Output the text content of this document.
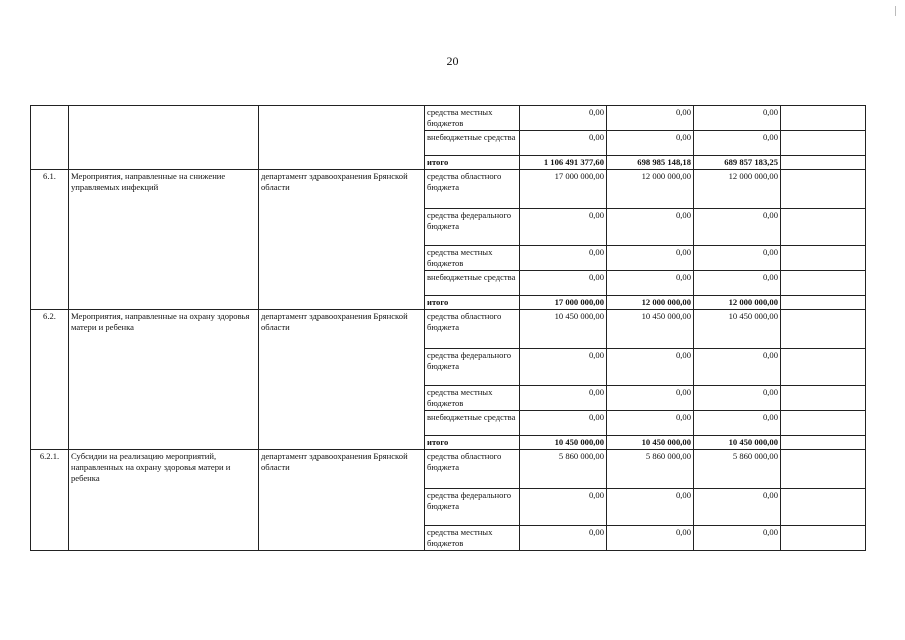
20
			средства местных бюджетов	0,00	0,00	0,00	
			внебюджетные средства	0,00	0,00	0,00	
			итого	1 106 491 377,60	698 985 148,18	689 857 183,25	
6.1.	Мероприятия, направленные на снижение управляемых инфекций	департамент здравоохранения Брянской области	средства областного бюджета	17 000 000,00	12 000 000,00	12 000 000,00	
			средства федерального бюджета	0,00	0,00	0,00	
			средства местных бюджетов	0,00	0,00	0,00	
			внебюджетные средства	0,00	0,00	0,00	
			итого	17 000 000,00	12 000 000,00	12 000 000,00	
6.2.	Мероприятия, направленные на охрану здоровья матери и ребенка	департамент здравоохранения Брянской области	средства областного бюджета	10 450 000,00	10 450 000,00	10 450 000,00	
			средства федерального бюджета	0,00	0,00	0,00	
			средства местных бюджетов	0,00	0,00	0,00	
			внебюджетные средства	0,00	0,00	0,00	
			итого	10 450 000,00	10 450 000,00	10 450 000,00	
6.2.1.	Субсидии на реализацию мероприятий, направленных на охрану здоровья матери и ребенка	департамент здравоохранения Брянской области	средства областного бюджета	5 860 000,00	5 860 000,00	5 860 000,00	
			средства федерального бюджета	0,00	0,00	0,00	
			средства местных бюджетов	0,00	0,00	0,00	
